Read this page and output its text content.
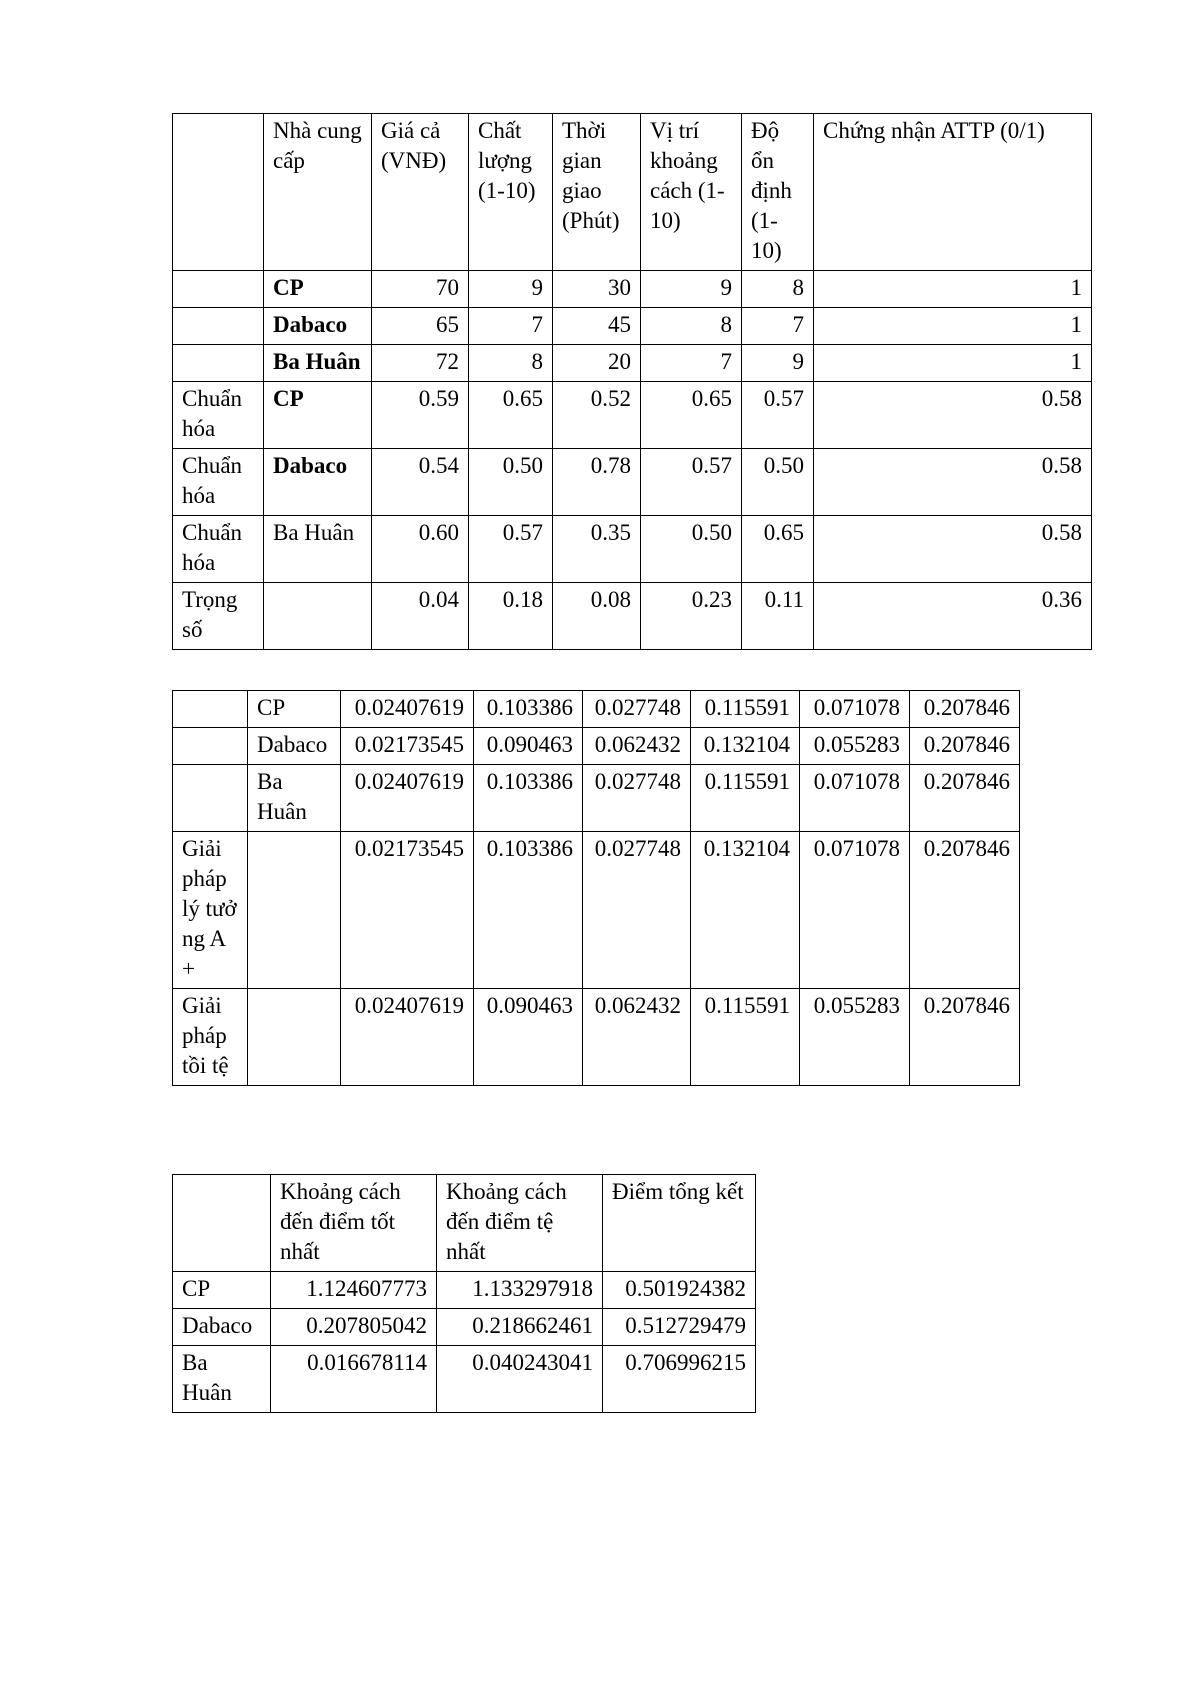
	Nhà cung cấp	Giá cả (VNĐ)	Chất lượng (1-10)	Thời gian giao (Phút)	Vị trí khoảng cách (1-10)	Độ ổn định (1-10)	Chứng nhận ATTP (0/1)
	CP	70	9	30	9	8	1
	Dabaco	65	7	45	8	7	1
	Ba Huân	72	8	20	7	9	1
Chuẩn hóa	CP	0.59	0.65	0.52	0.65	0.57	0.58
Chuẩn hóa	Dabaco	0.54	0.50	0.78	0.57	0.50	0.58
Chuẩn hóa	Ba Huân	0.60	0.57	0.35	0.50	0.65	0.58
Trọng số		0.04	0.18	0.08	0.23	0.11	0.36
	CP	0.02407619	0.103386	0.027748	0.115591	0.071078	0.207846
	Dabaco	0.02173545	0.090463	0.062432	0.132104	0.055283	0.207846
	Ba Huân	0.02407619	0.103386	0.027748	0.115591	0.071078	0.207846
Giải pháp lý tưởng A+		0.02173545	0.103386	0.027748	0.132104	0.071078	0.207846
Giải pháp tồi tệ		0.02407619	0.090463	0.062432	0.115591	0.055283	0.207846
	Khoảng cách đến điểm tốt nhất	Khoảng cách đến điểm tệ nhất	Điểm tổng kết
CP	1.124607773	1.133297918	0.501924382
Dabaco	0.207805042	0.218662461	0.512729479
Ba Huân	0.016678114	0.040243041	0.706996215
